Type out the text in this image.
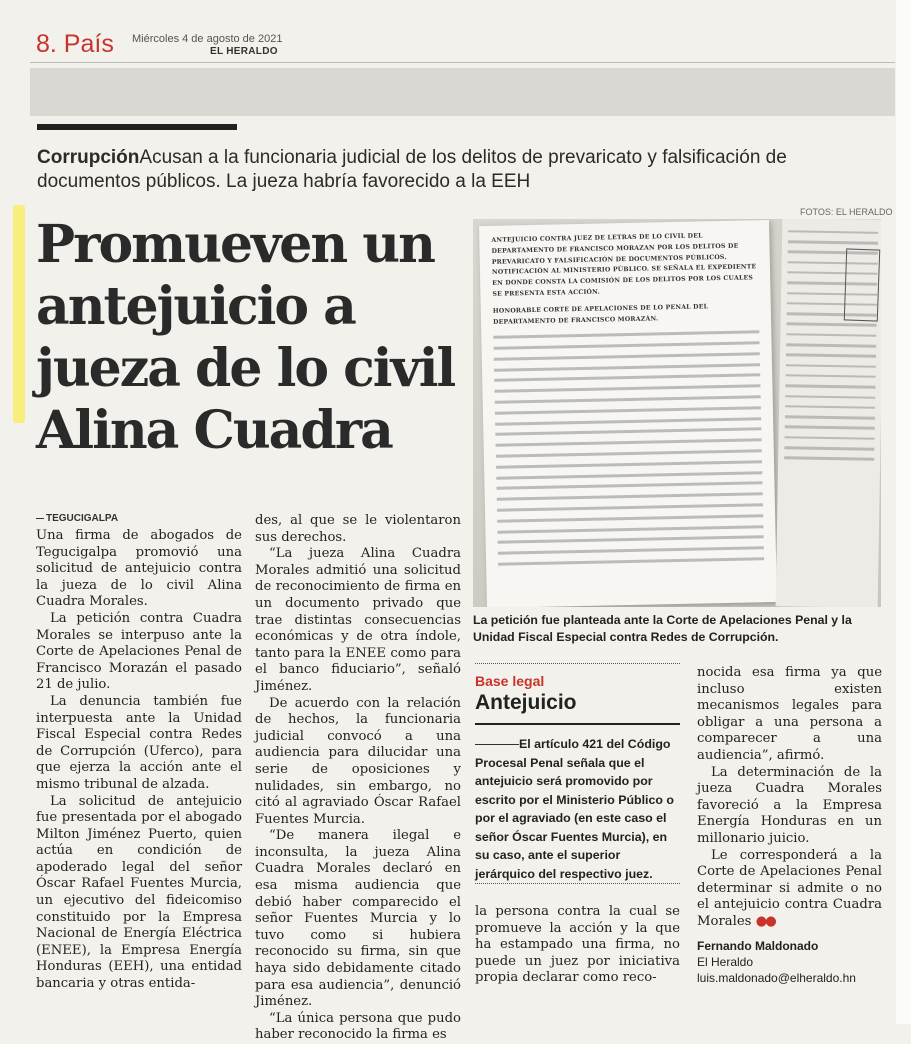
8. País Miércoles 4 de agosto de 2021
EL HERALDO
CorrupciónAcusan a la funcionaria judicial de los delitos de prevaricato y falsificación de documentos públicos. La jueza habría favorecido a la EEH
Promueven un antejuicio a jueza de lo civil Alina Cuadra
FOTOS: EL HERALDO
ANTEJUICIO CONTRA JUEZ DE LETRAS DE LO CIVIL DEL DEPARTAMENTO DE FRANCISCO MORAZAN POR LOS DELITOS DE PREVARICATO Y FALSIFICACIÓN DE DOCUMENTOS PÚBLICOS. NOTIFICACIÓN AL MINISTERIO PÚBLICO. SE SEÑALA EL EXPEDIENTE EN DONDE CONSTA LA COMISIÓN DE LOS DELITOS POR LOS CUALES SE PRESENTA ESTA ACCIÓN.
HONORABLE CORTE DE APELACIONES DE LO PENAL DEL DEPARTAMENTO DE FRANCISCO MORAZÁN.
La petición fue planteada ante la Corte de Apelaciones Penal y la Unidad Fiscal Especial contra Redes de Corrupción.
TEGUCIGALPA

Una firma de abogados de Tegucigalpa promovió una solicitud de antejuicio contra la jueza de lo civil Alina Cuadra Morales.

La petición contra Cuadra Morales se interpuso ante la Corte de Apelaciones Penal de Francisco Morazán el pasado 21 de julio.

La denuncia también fue interpuesta ante la Unidad Fiscal Especial contra Redes de Corrupción (Uferco), para que ejerza la acción ante el mismo tribunal de alzada.

La solicitud de antejuicio fue presentada por el abogado Milton Jiménez Puerto, quien actúa en condición de apoderado legal del señor Óscar Rafael Fuentes Murcia, un ejecutivo del fideicomiso constituido por la Empresa Nacional de Energía Eléctrica (ENEE), la Empresa Energía Honduras (EEH), una entidad bancaria y otras entida-

des, al que se le violentaron sus derechos.

“La jueza Alina Cuadra Morales admitió una solicitud de reconocimiento de firma en un documento privado que trae distintas consecuencias económicas y de otra índole, tanto para la ENEE como para el banco fiduciario”, señaló Jiménez.

De acuerdo con la relación de hechos, la funcionaria judicial convocó a una audiencia para dilucidar una serie de oposiciones y nulidades, sin embargo, no citó al agraviado Óscar Rafael Fuentes Murcia.

“De manera ilegal e inconsulta, la jueza Alina Cuadra Morales declaró en esa misma audiencia que debió haber comparecido el señor Fuentes Murcia y lo tuvo como si hubiera reconocido su firma, sin que haya sido debidamente citado para esa audiencia”, denunció Jiménez.

“La única persona que pudo haber reconocido la firma es

Base legal
Antejuicio
El artículo 421 del Código Procesal Penal señala que el antejuicio será promovido por escrito por el Ministerio Público o por el agraviado (en este caso el señor Óscar Fuentes Murcia), en su caso, ante el superior jerárquico del respectivo juez.

la persona contra la cual se promueve la acción y la que ha estampado una firma, no puede un juez por iniciativa propia declarar como reco-

nocida esa firma ya que incluso existen mecanismos legales para obligar a una persona a comparecer a una audiencia”, afirmó.

La determinación de la jueza Cuadra Morales favoreció a la Empresa Energía Honduras en un millonario juicio.

Le corresponderá a la Corte de Apelaciones Penal determinar si admite o no el antejuicio contra Cuadra Morales ●●

Fernando Maldonado
El Heraldo
luis.maldonado@elheraldo.hn
